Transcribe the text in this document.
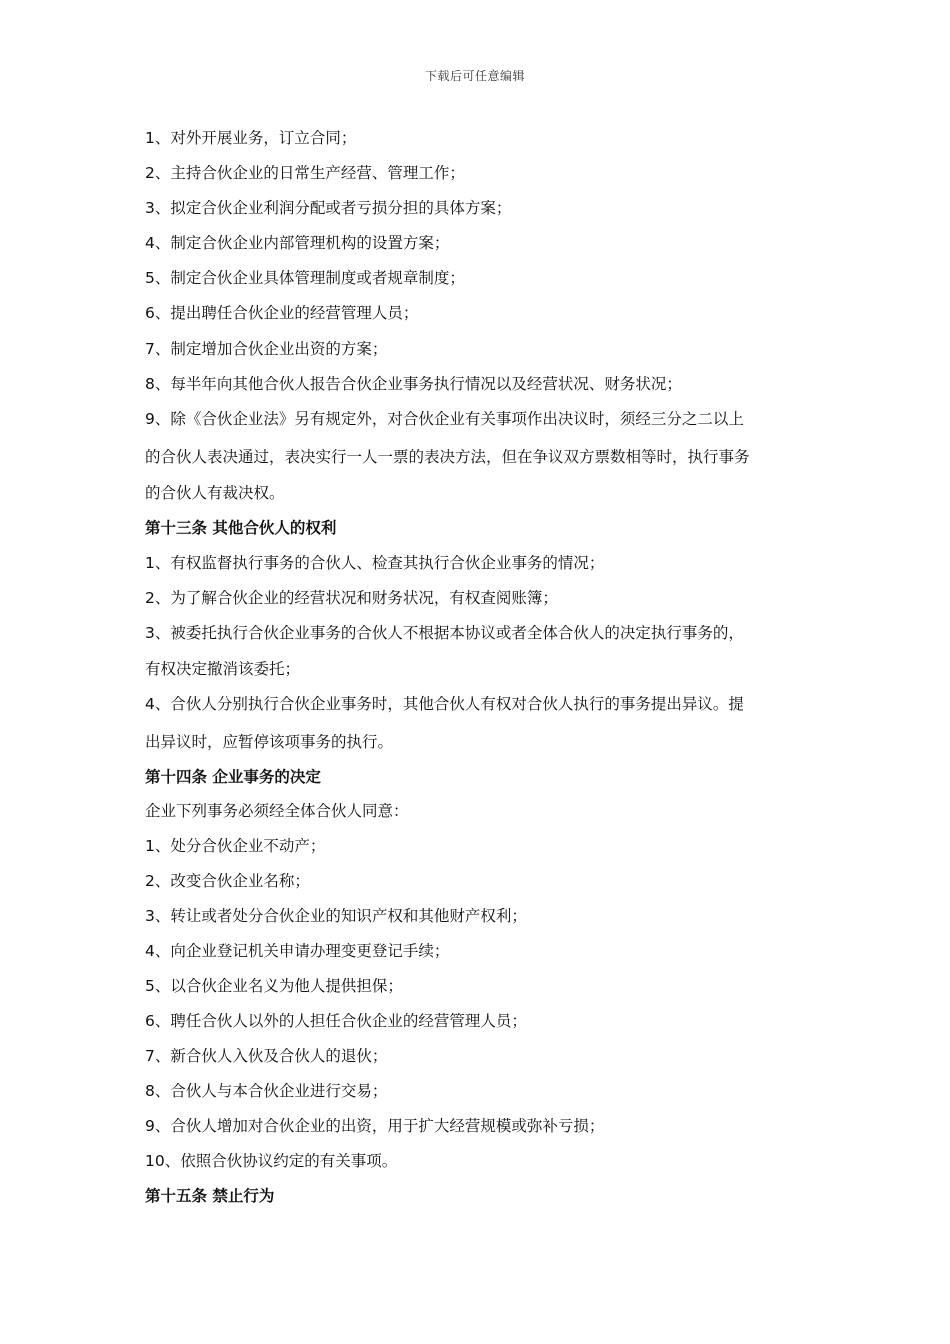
下载后可任意编辑
1、对外开展业务，订立合同；
2、主持合伙企业的日常生产经营、管理工作；
3、拟定合伙企业利润分配或者亏损分担的具体方案；
4、制定合伙企业内部管理机构的设置方案；
5、制定合伙企业具体管理制度或者规章制度；
6、提出聘任合伙企业的经营管理人员；
7、制定增加合伙企业出资的方案；
8、每半年向其他合伙人报告合伙企业事务执行情况以及经营状况、财务状况；
9、除《合伙企业法》另有规定外，对合伙企业有关事项作出决议时，须经三分之二以上
的合伙人表决通过，表决实行一人一票的表决方法，但在争议双方票数相等时，执行事务
的合伙人有裁决权。
第十三条 其他合伙人的权利
1、有权监督执行事务的合伙人、检查其执行合伙企业事务的情况；
2、为了解合伙企业的经营状况和财务状况，有权查阅账簿；
3、被委托执行合伙企业事务的合伙人不根据本协议或者全体合伙人的决定执行事务的，
有权决定撤消该委托；
4、合伙人分别执行合伙企业事务时，其他合伙人有权对合伙人执行的事务提出异议。提
出异议时，应暂停该项事务的执行。
第十四条 企业事务的决定
企业下列事务必须经全体合伙人同意：
1、处分合伙企业不动产；
2、改变合伙企业名称；
3、转让或者处分合伙企业的知识产权和其他财产权利；
4、向企业登记机关申请办理变更登记手续；
5、以合伙企业名义为他人提供担保；
6、聘任合伙人以外的人担任合伙企业的经营管理人员；
7、新合伙人入伙及合伙人的退伙；
8、合伙人与本合伙企业进行交易；
9、合伙人增加对合伙企业的出资，用于扩大经营规模或弥补亏损；
10、依照合伙协议约定的有关事项。
第十五条 禁止行为
